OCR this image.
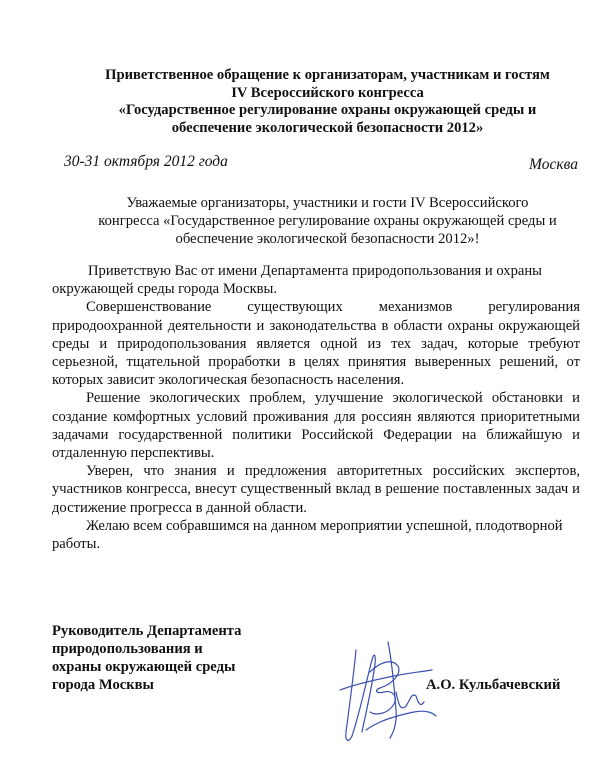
Приветственное обращение к организаторам, участникам и гостям
IV Всероссийского конгресса
«Государственное регулирование охраны окружающей среды и
обеспечение экологической безопасности 2012»
30-31 октября 2012 года	Москва
Уважаемые организаторы, участники и гости IV Всероссийского
конгресса «Государственное регулирование охраны окружающей среды и
обеспечение экологической безопасности 2012»!

Приветствую Вас от имени Департамента природопользования и охраны окружающей среды города Москвы.

Совершенствование существующих механизмов регулирования природоохранной деятельности и законодательства в области охраны окружающей среды и природопользования является одной из тех задач, которые требуют серьезной, тщательной проработки в целях принятия выверенных решений, от которых зависит экологическая безопасность населения.

Решение экологических проблем, улучшение экологической обстановки и создание комфортных условий проживания для россиян являются приоритетными задачами государственной политики Российской Федерации на ближайшую и отдаленную перспективы.

Уверен, что знания и предложения авторитетных российских экспертов, участников конгресса, внесут существенный вклад в решение поставленных задач и достижение прогресса в данной области.

Желаю всем собравшимся на данном мероприятии успешной, плодотворной работы.

Руководитель Департамента
природопользования и
охраны окружающей среды
города Москвы	А.О. Кульбачевский
